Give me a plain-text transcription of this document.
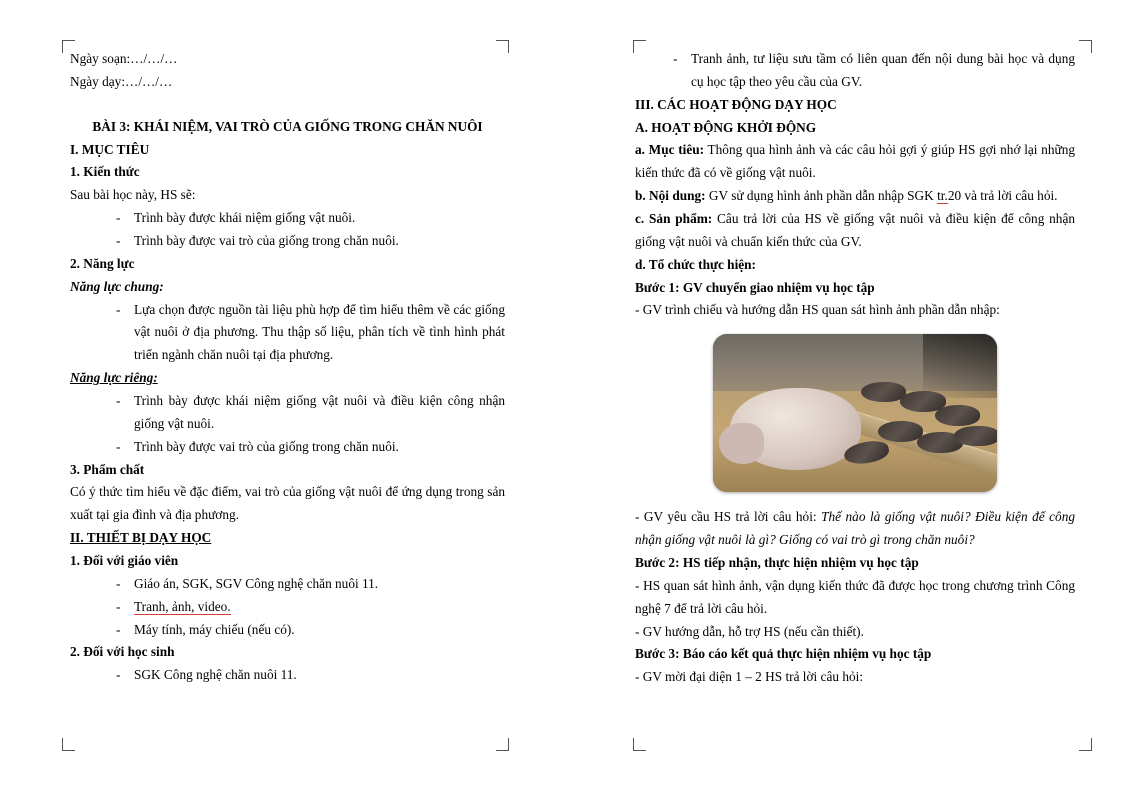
Ngày soạn:…/…/…

Ngày dạy:…/…/…

BÀI 3: KHÁI NIỆM, VAI TRÒ CỦA GIỐNG TRONG CHĂN NUÔI

I. MỤC TIÊU

1. Kiến thức

Sau bài học này, HS sẽ:

- Trình bày được khái niệm giống vật nuôi.
- Trình bày được vai trò của giống trong chăn nuôi.

2. Năng lực

Năng lực chung:

- Lựa chọn được nguồn tài liệu phù hợp để tìm hiểu thêm về các giống vật nuôi ở địa phương. Thu thập số liệu, phân tích về tình hình phát triển ngành chăn nuôi tại địa phương.

Năng lực riêng:

- Trình bày được khái niệm giống vật nuôi và điều kiện công nhận giống vật nuôi.
- Trình bày được vai trò của giống trong chăn nuôi.

3. Phẩm chất

Có ý thức tìm hiểu về đặc điểm, vai trò của giống vật nuôi để ứng dụng trong sản xuất tại gia đình và địa phương.

II. THIẾT BỊ DẠY HỌC

1. Đối với giáo viên

- Giáo án, SGK, SGV Công nghệ chăn nuôi 11.
- Tranh, ảnh, video.
- Máy tính, máy chiếu (nếu có).

2. Đối với học sinh

- SGK Công nghệ chăn nuôi 11.
- Tranh ảnh, tư liệu sưu tầm có liên quan đến nội dung bài học và dụng cụ học tập theo yêu cầu của GV.

III. CÁC HOẠT ĐỘNG DẠY HỌC

A. HOẠT ĐỘNG KHỞI ĐỘNG

a. Mục tiêu: Thông qua hình ảnh và các câu hỏi gợi ý giúp HS gợi nhớ lại những kiến thức đã có về giống vật nuôi.

b. Nội dung: GV sử dụng hình ảnh phần dẫn nhập SGK tr.20 và trả lời câu hỏi.

c. Sản phẩm: Câu trả lời của HS về giống vật nuôi và điều kiện để công nhận giống vật nuôi và chuẩn kiến thức của GV.

d. Tổ chức thực hiện:

Bước 1: GV chuyển giao nhiệm vụ học tập

- GV trình chiếu và hướng dẫn HS quan sát hình ảnh phần dẫn nhập:

- GV yêu cầu HS trả lời câu hỏi: Thế nào là giống vật nuôi? Điều kiện để công nhận giống vật nuôi là gì? Giống có vai trò gì trong chăn nuôi?

Bước 2: HS tiếp nhận, thực hiện nhiệm vụ học tập

- HS quan sát hình ảnh, vận dụng kiến thức đã được học trong chương trình Công nghệ 7 để trả lời câu hỏi.

- GV hướng dẫn, hỗ trợ HS (nếu cần thiết).

Bước 3: Báo cáo kết quả thực hiện nhiệm vụ học tập

- GV mời đại diện 1 – 2 HS trả lời câu hỏi:
